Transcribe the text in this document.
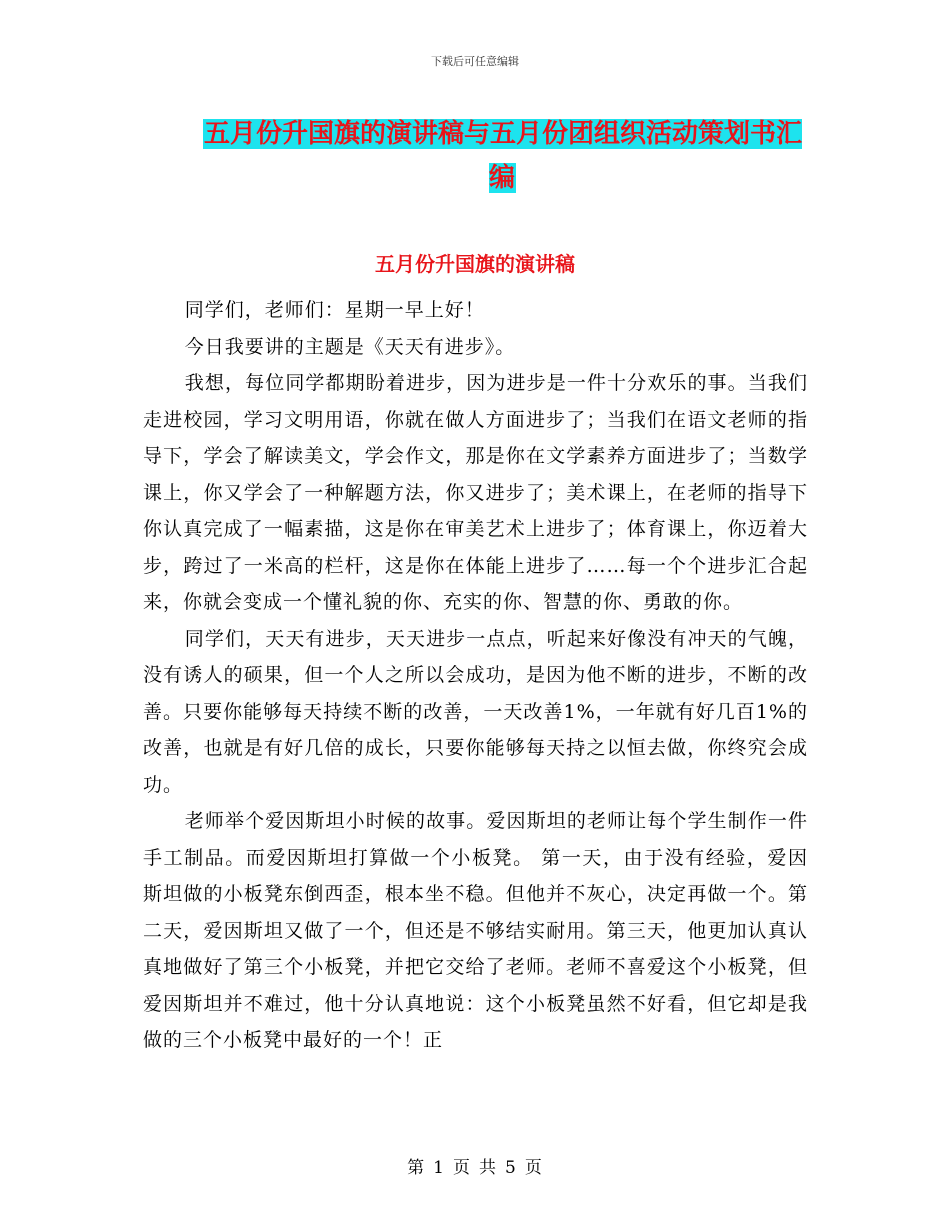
下载后可任意编辑
五月份升国旗的演讲稿与五月份团组织活动策划书汇编
五月份升国旗的演讲稿

同学们，老师们：星期一早上好！

今日我要讲的主题是《天天有进步》。

我想，每位同学都期盼着进步，因为进步是一件十分欢乐的事。当我们走进校园，学习文明用语，你就在做人方面进步了；当我们在语文老师的指导下，学会了解读美文，学会作文，那是你在文学素养方面进步了；当数学课上，你又学会了一种解题方法，你又进步了；美术课上，在老师的指导下你认真完成了一幅素描，这是你在审美艺术上进步了；体育课上，你迈着大步，跨过了一米高的栏杆，这是你在体能上进步了……每一个个进步汇合起来，你就会变成一个懂礼貌的你、充实的你、智慧的你、勇敢的你。

同学们，天天有进步，天天进步一点点，听起来好像没有冲天的气魄，没有诱人的硕果，但一个人之所以会成功，是因为他不断的进步，不断的改善。只要你能够每天持续不断的改善，一天改善1%，一年就有好几百1%的改善，也就是有好几倍的成长，只要你能够每天持之以恒去做，你终究会成功。

老师举个爱因斯坦小时候的故事。爱因斯坦的老师让每个学生制作一件手工制品。而爱因斯坦打算做一个小板凳。 第一天，由于没有经验，爱因斯坦做的小板凳东倒西歪，根本坐不稳。但他并不灰心，决定再做一个。第二天，爱因斯坦又做了一个，但还是不够结实耐用。第三天，他更加认真认真地做好了第三个小板凳，并把它交给了老师。老师不喜爱这个小板凳，但爱因斯坦并不难过，他十分认真地说：这个小板凳虽然不好看，但它却是我做的三个小板凳中最好的一个！正

第 1 页 共 5 页
